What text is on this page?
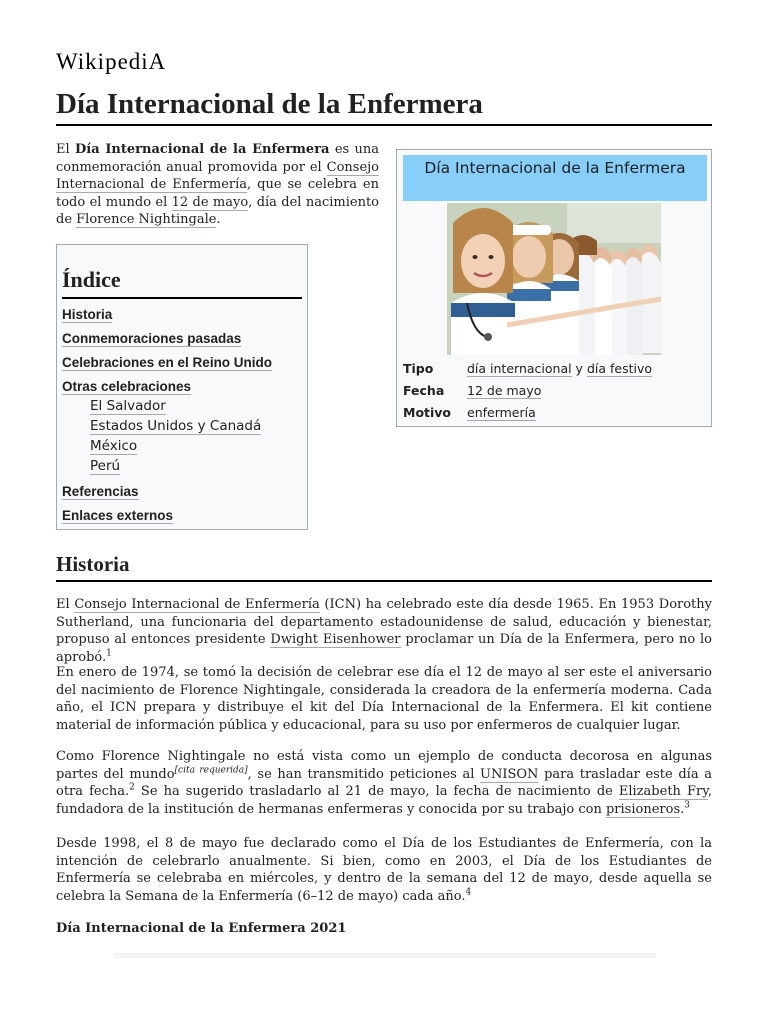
WikipediA
Día Internacional de la Enfermera

El Día Internacional de la Enfermera es una conmemoración anual promovida por el Consejo Internacional de Enfermería, que se celebra en todo el mundo el 12 de mayo, día del nacimiento de Florence Nightingale.

Índice
Historia
Conmemoraciones pasadas
Celebraciones en el Reino Unido
Otras celebraciones
El Salvador
Estados Unidos y Canadá
México
Perú
Referencias
Enlaces externos
Día Internacional de la Enfermera
Tipo	día internacional y día festivo
Fecha	12 de mayo
Motivo	enfermería
Historia

El Consejo Internacional de Enfermería (ICN) ha celebrado este día desde 1965. En 1953 Dorothy Sutherland, una funcionaria del departamento estadounidense de salud, educación y bienestar, propuso al entonces presidente Dwight Eisenhower proclamar un Día de la Enfermera, pero no lo aprobó.$^1$

En enero de 1974, se tomó la decisión de celebrar ese día el 12 de mayo al ser este el aniversario del nacimiento de Florence Nightingale, considerada la creadora de la enfermería moderna. Cada año, el ICN prepara y distribuye el kit del Día Internacional de la Enfermera. El kit contiene material de información pública y educacional, para su uso por enfermeros de cualquier lugar.

Como Florence Nightingale no está vista como un ejemplo de conducta decorosa en algunas partes del mundo[cita requerida], se han transmitido peticiones al UNISON para trasladar este día a otra fecha.$^2$ Se ha sugerido trasladarlo al 21 de mayo, la fecha de nacimiento de Elizabeth Fry, fundadora de la institución de hermanas enfermeras y conocida por su trabajo con prisioneros.$^3$

Desde 1998, el 8 de mayo fue declarado como el Día de los Estudiantes de Enfermería, con la intención de celebrarlo anualmente. Si bien, como en 2003, el Día de los Estudiantes de Enfermería se celebraba en miércoles, y dentro de la semana del 12 de mayo, desde aquella se celebra la Semana de la Enfermería (6–12 de mayo) cada año.$^4$

Día Internacional de la Enfermera 2021
